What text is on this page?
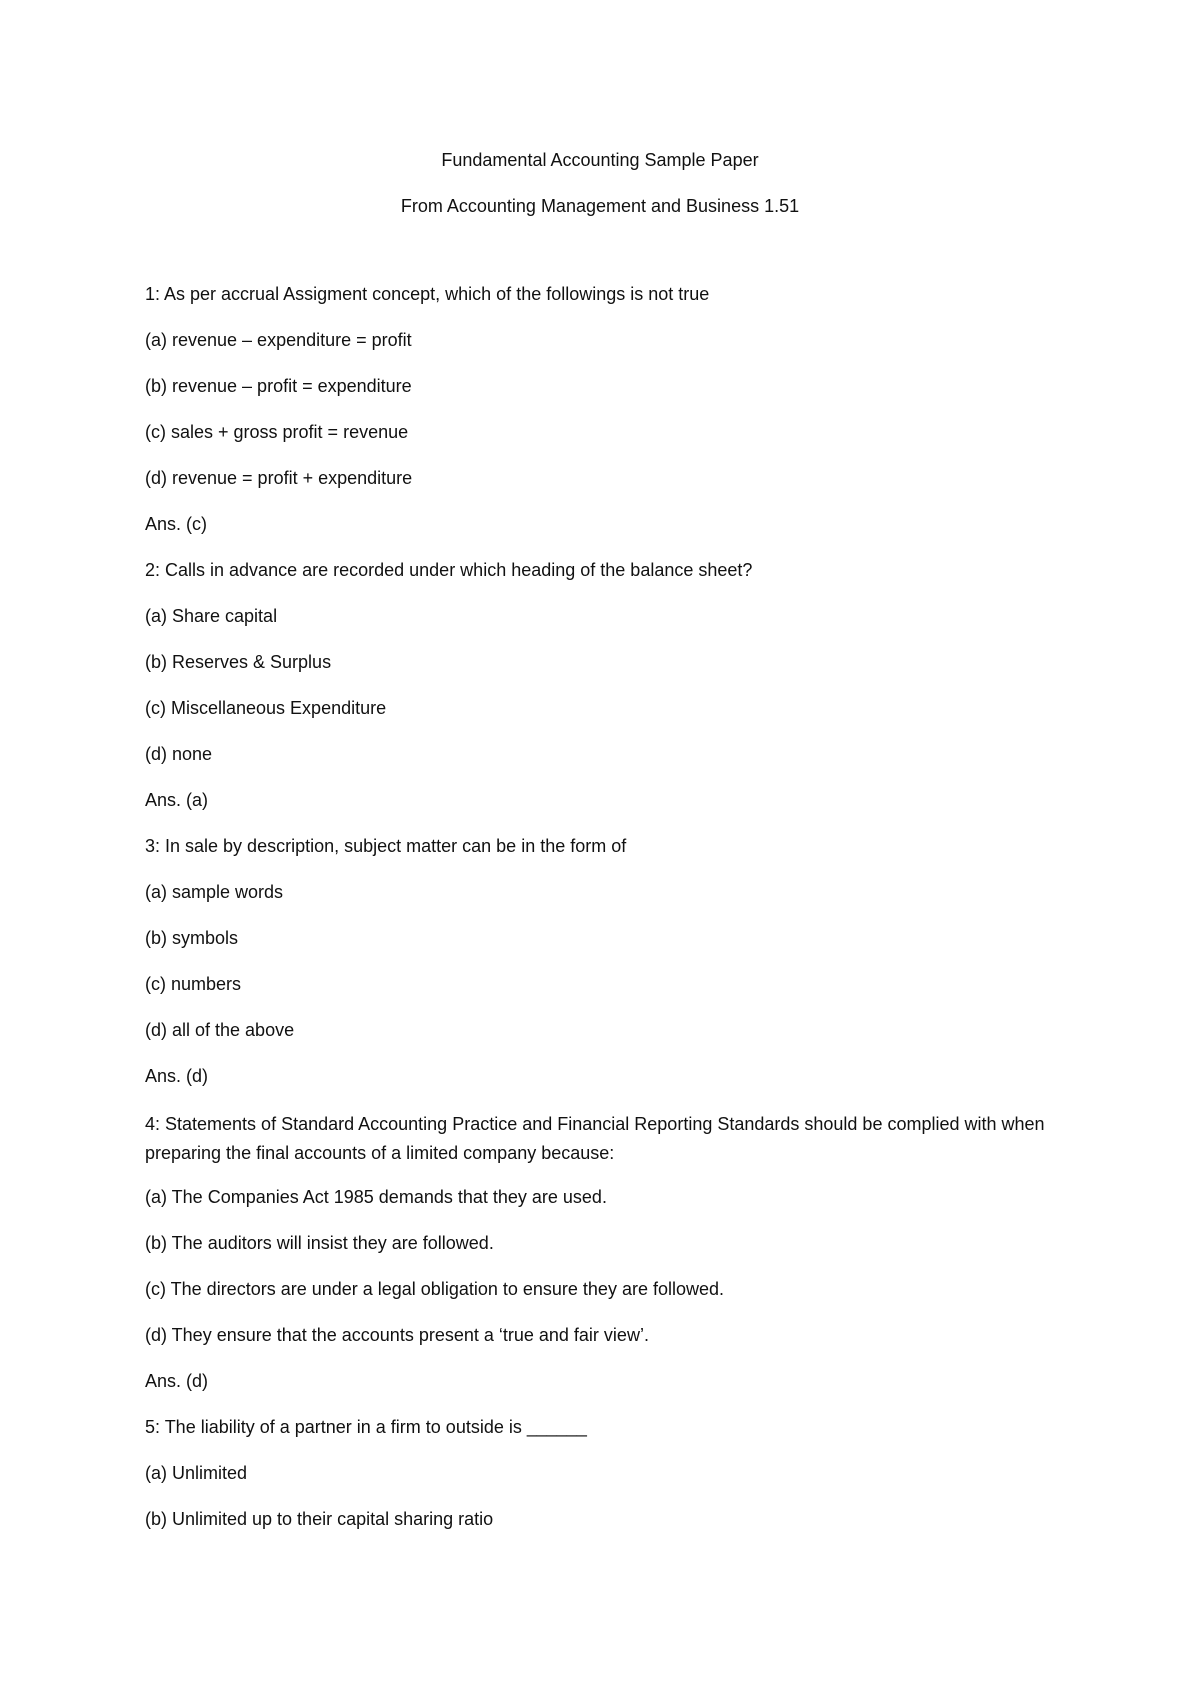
Fundamental Accounting Sample Paper
From Accounting Management and Business 1.51
1: As per accrual Assigment concept, which of the followings is not true
(a) revenue – expenditure = profit
(b) revenue – profit = expenditure
(c) sales + gross profit = revenue
(d) revenue = profit + expenditure
Ans. (c)
2: Calls in advance are recorded under which heading of the balance sheet?
(a) Share capital
(b) Reserves & Surplus
(c) Miscellaneous Expenditure
(d) none
Ans. (a)
3: In sale by description, subject matter can be in the form of
(a) sample words
(b) symbols
(c) numbers
(d) all of the above
Ans. (d)
4: Statements of Standard Accounting Practice and Financial Reporting Standards should be complied with when preparing the final accounts of a limited company because:
(a) The Companies Act 1985 demands that they are used.
(b) The auditors will insist they are followed.
(c) The directors are under a legal obligation to ensure they are followed.
(d) They ensure that the accounts present a ‘true and fair view’.
Ans. (d)
5: The liability of a partner in a firm to outside is ______
(a) Unlimited
(b) Unlimited up to their capital sharing ratio
